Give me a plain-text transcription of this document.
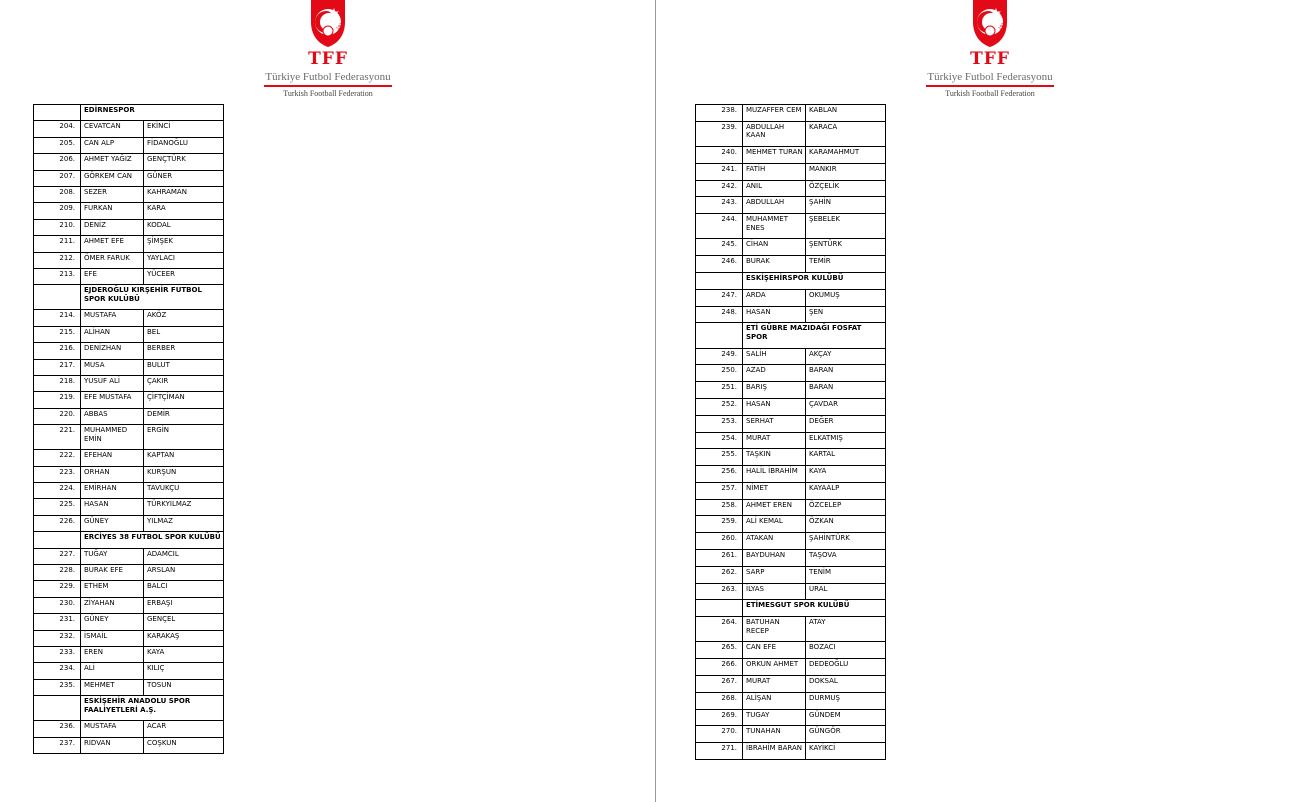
1923
TFF
Türkiye Futbol Federasyonu
Turkish Football Federation
	EDİRNESPOR	
204.	CEVATCAN	EKİNCİ
205.	CAN ALP	FİDANOĞLU
206.	AHMET YAĞIZ	GENÇTÜRK
207.	GÖRKEM CAN	GÜNER
208.	SEZER	KAHRAMAN
209.	FURKAN	KARA
210.	DENİZ	KODAL
211.	AHMET EFE	ŞİMŞEK
212.	ÖMER FARUK	YAYLACI
213.	EFE	YÜCEER
	EJDEROĞLU KIRŞEHİR FUTBOL SPOR KULÜBÜ	
214.	MUSTAFA	AKÖZ
215.	ALİHAN	BEL
216.	DENİZHAN	BERBER
217.	MUSA	BULUT
218.	YUSUF ALİ	ÇAKIR
219.	EFE MUSTAFA	ÇİFTÇİMAN
220.	ABBAS	DEMİR
221.	MUHAMMED EMİN	ERGİN
222.	EFEHAN	KAPTAN
223.	ORHAN	KURŞUN
224.	EMİRHAN	TAVUKÇU
225.	HASAN	TÜRKYILMAZ
226.	GÜNEY	YILMAZ
	ERCİYES 38 FUTBOL SPOR KULÜBÜ	
227.	TUĞAY	ADAMCIL
228.	BURAK EFE	ARSLAN
229.	ETHEM	BALCI
230.	ZİYAHAN	ERBAŞI
231.	GÜNEY	GENÇEL
232.	İSMAİL	KARAKAŞ
233.	EREN	KAYA
234.	ALİ	KILIÇ
235.	MEHMET	TOSUN
	ESKİŞEHİR ANADOLU SPOR FAALİYETLERİ A.Ş.	
236.	MUSTAFA	ACAR
237.	RIDVAN	COŞKUN
1923
TFF
Türkiye Futbol Federasyonu
Turkish Football Federation
238.	MUZAFFER CEM	KABLAN
239.	ABDULLAH KAAN	KARACA
240.	MEHMET TURAN	KARAMAHMUT
241.	FATİH	MANKIR
242.	ANIL	ÖZÇELİK
243.	ABDULLAH	ŞAHİN
244.	MUHAMMET ENES	ŞEBELEK
245.	CİHAN	ŞENTÜRK
246.	BURAK	TEMİR
	ESKİŞEHİRSPOR KULÜBÜ	
247.	ARDA	OKUMUŞ
248.	HASAN	ŞEN
	ETİ GÜBRE MAZIDAĞI FOSFAT SPOR	
249.	SALİH	AKÇAY
250.	AZAD	BARAN
251.	BARIŞ	BARAN
252.	HASAN	ÇAVDAR
253.	SERHAT	DEĞER
254.	MURAT	ELKATMIŞ
255.	TAŞKIN	KARTAL
256.	HALİL İBRAHİM	KAYA
257.	NİMET	KAYAALP
258.	AHMET EREN	ÖZCELEP
259.	ALİ KEMAL	ÖZKAN
260.	ATAKAN	ŞAHİNTÜRK
261.	BAYDUHAN	TAŞOVA
262.	SARP	TENİM
263.	İLYAS	URAL
	ETİMESGUT SPOR KULÜBÜ	
264.	BATUHAN RECEP	ATAY
265.	CAN EFE	BOZACI
266.	ORKUN AHMET	DEDEOĞLU
267.	MURAT	DOKSAL
268.	ALİŞAN	DURMUŞ
269.	TUGAY	GÜNDEM
270.	TUNAHAN	GÜNGÖR
271.	İBRAHİM BARAN	KAYİKCİ
